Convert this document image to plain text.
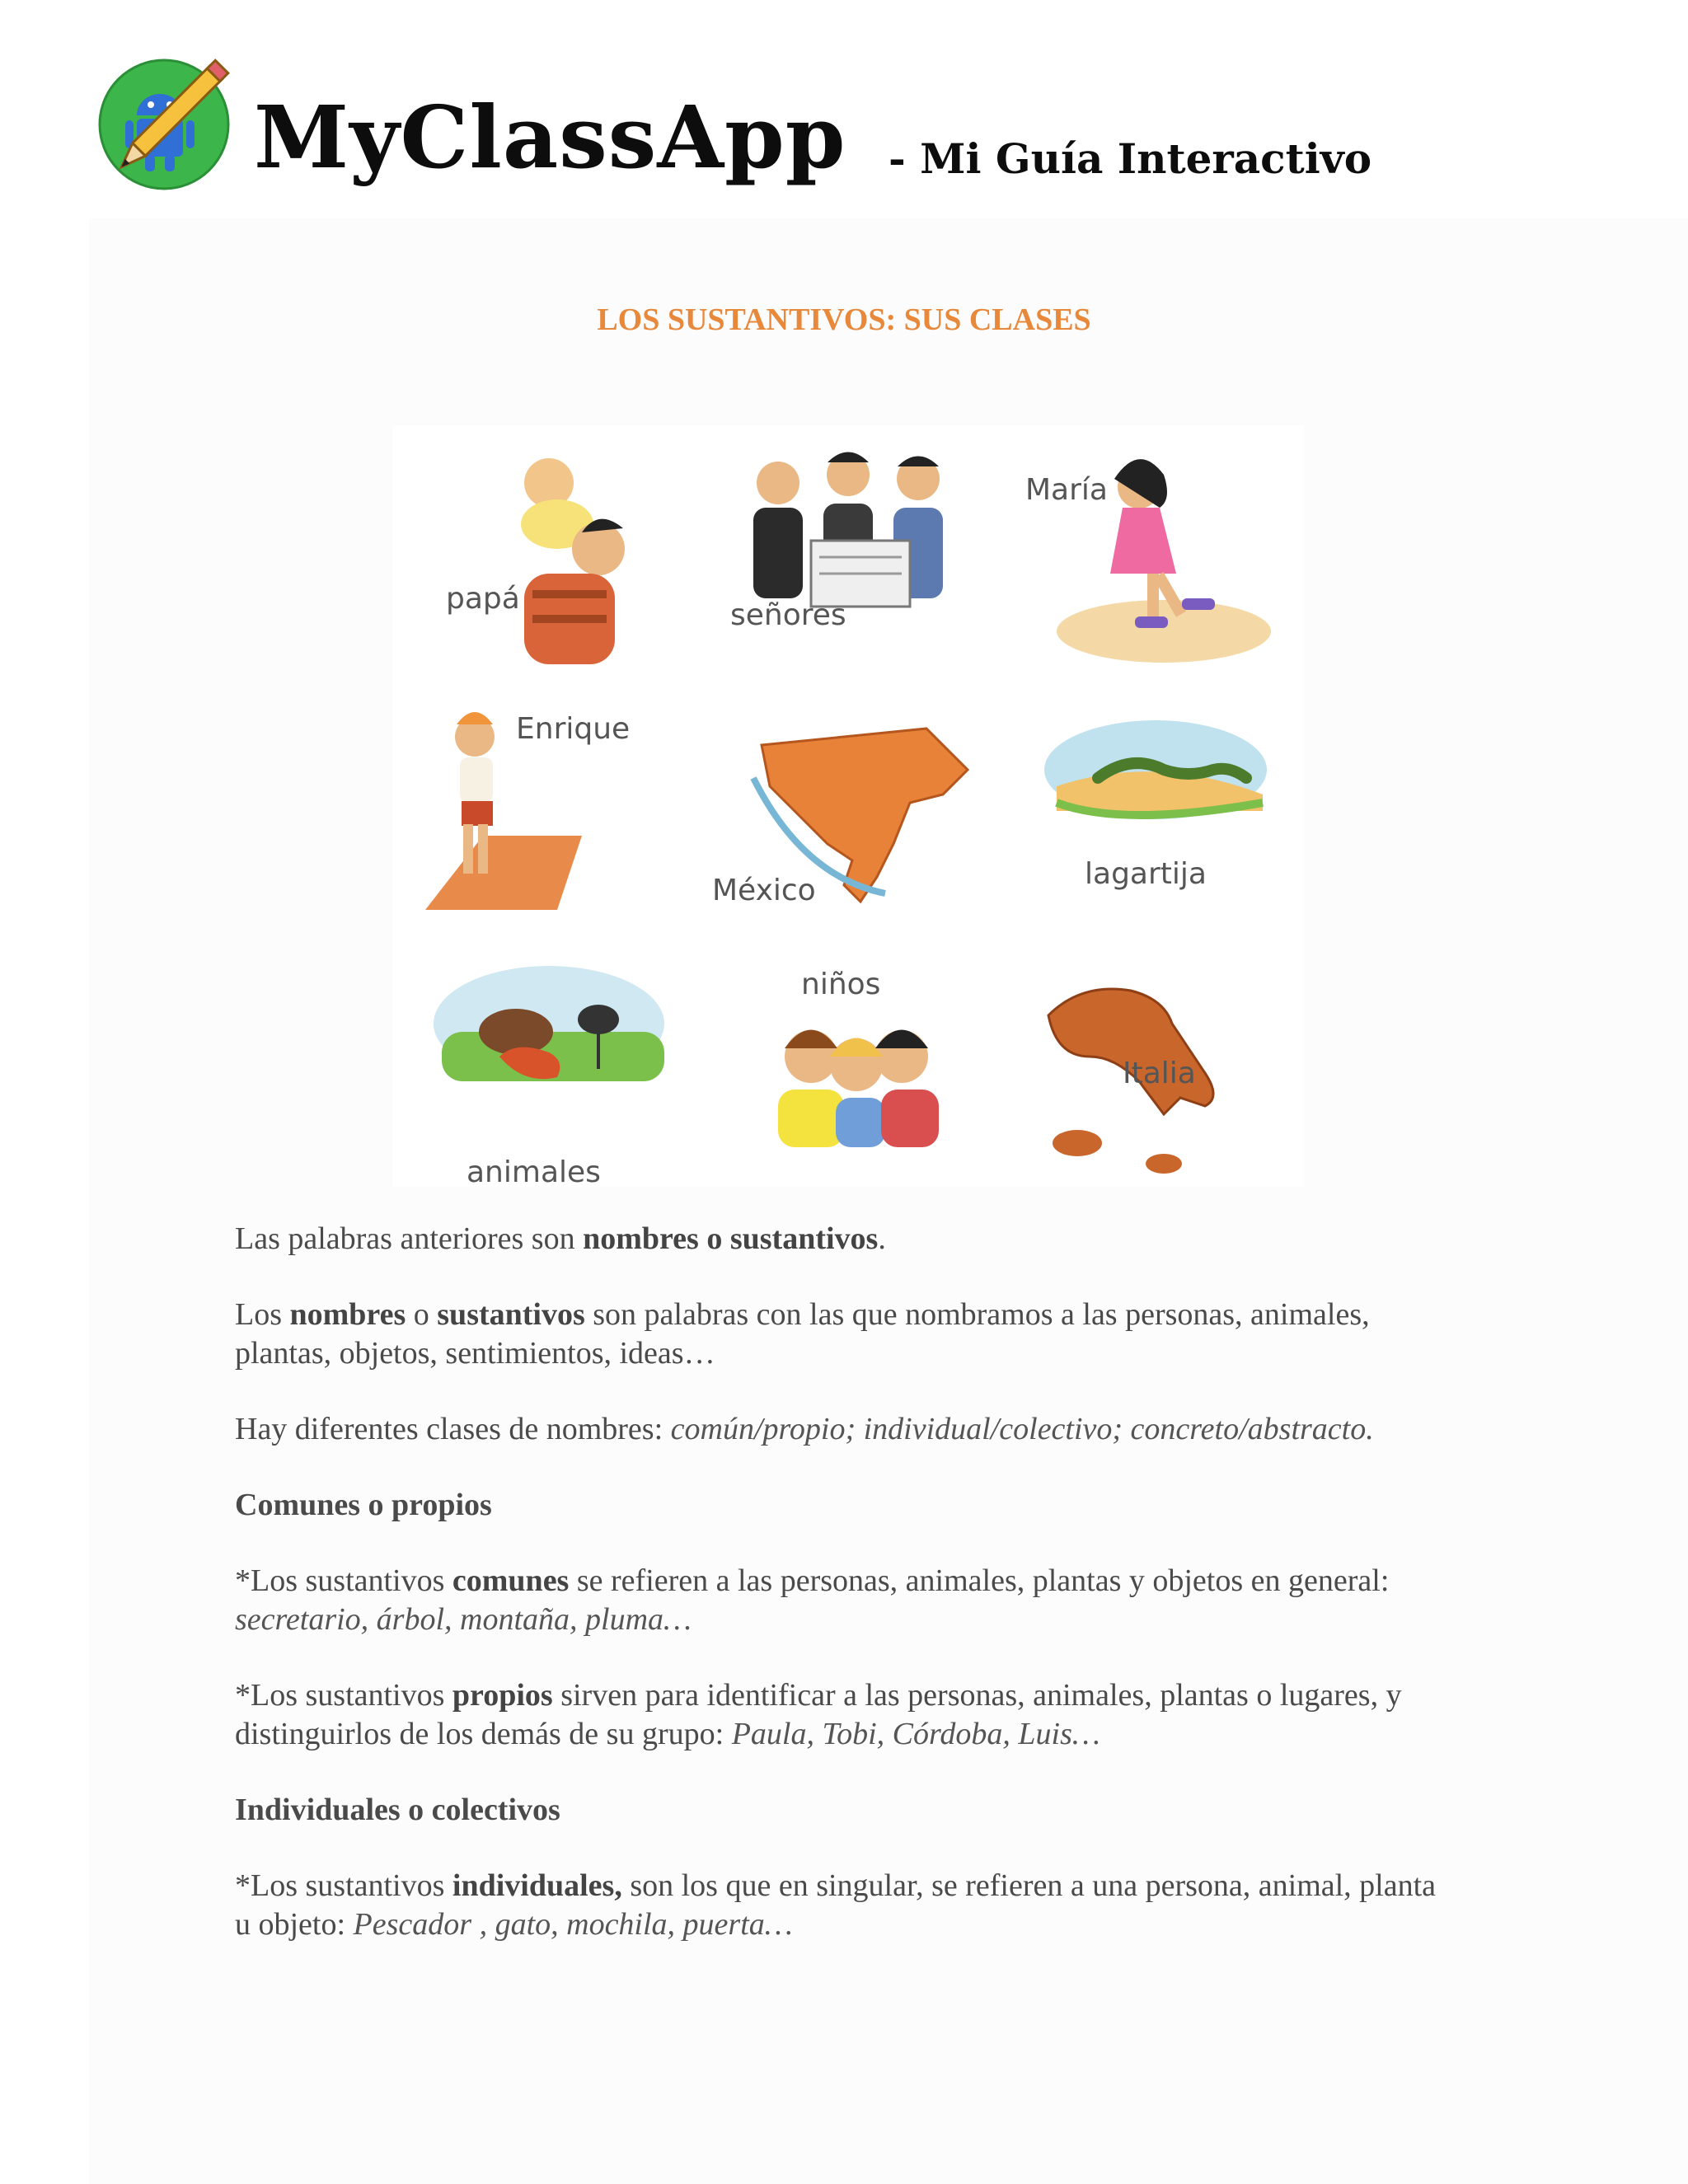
MyClassApp - Mi Guía Interactivo
LOS SUSTANTIVOS: SUS CLASES
papá	señores
María
Enrique
México	lagartija
animales
niños
Italia

Las palabras anteriores son nombres o sustantivos.

Los nombres o sustantivos son palabras con las que nombramos a las personas, animales, plantas, objetos, sentimientos, ideas…

Hay diferentes clases de nombres: común/propio; individual/colectivo; concreto/abstracto.

Comunes o propios

*Los sustantivos comunes se refieren a las personas, animales, plantas y objetos en general: secretario, árbol, montaña, pluma…

*Los sustantivos propios sirven para identificar a las personas, animales, plantas o lugares, y distinguirlos de los demás de su grupo: Paula, Tobi, Córdoba, Luis…

Individuales o colectivos

*Los sustantivos individuales, son los que en singular, se refieren a una persona, animal, planta u objeto: Pescador , gato, mochila, puerta…
